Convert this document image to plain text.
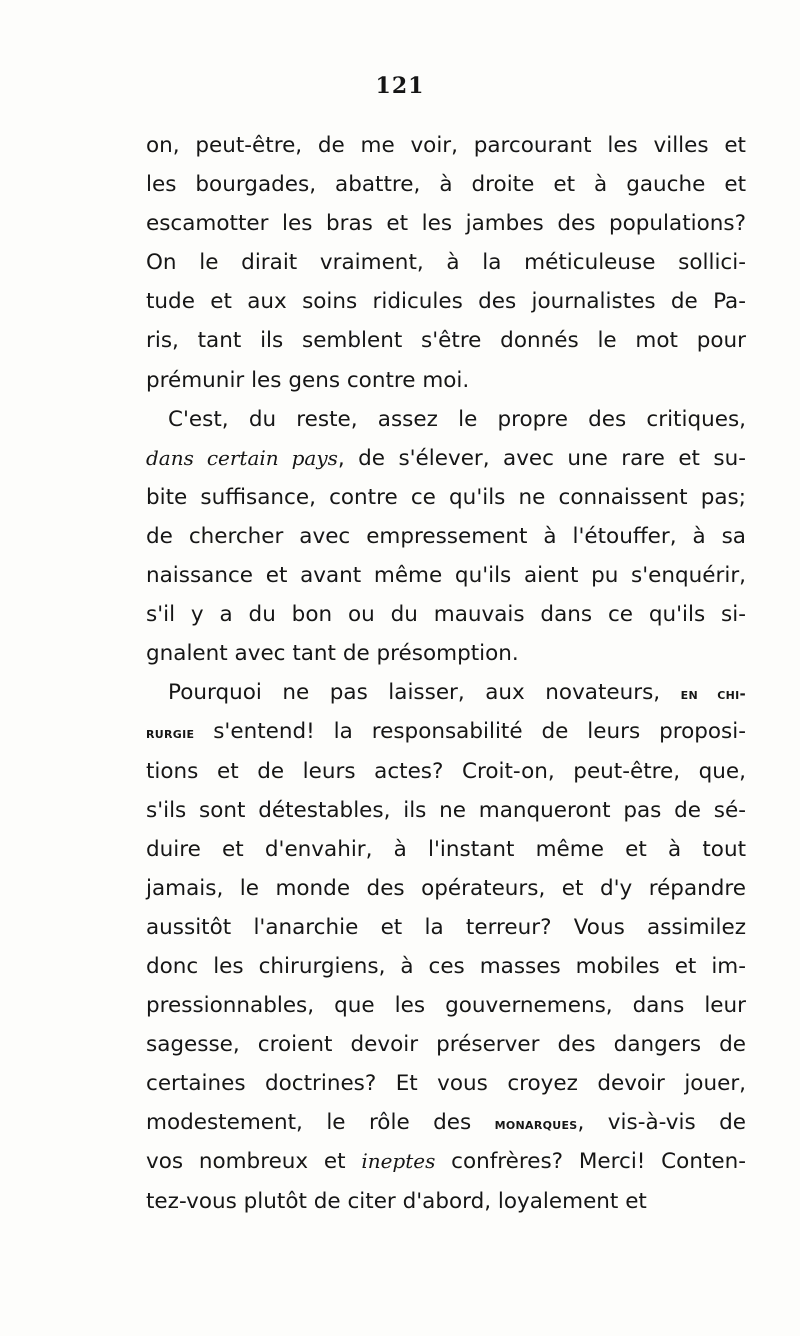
121
on, peut-être, de me voir, parcourant les villes et
les bourgades, abattre, à droite et à gauche et
escamotter les bras et les jambes des populations?
On le dirait vraiment, à la méticuleuse sollici-
tude et aux soins ridicules des journalistes de Pa-
ris, tant ils semblent s'être donnés le mot pour
prémunir les gens contre moi.
C'est, du reste, assez le propre des critiques,
dans certain pays, de s'élever, avec une rare et su-
bite suffisance, contre ce qu'ils ne connaissent pas;
de chercher avec empressement à l'étouffer, à sa
naissance et avant même qu'ils aient pu s'enquérir,
s'il y a du bon ou du mauvais dans ce qu'ils si-
gnalent avec tant de présomption.
Pourquoi ne pas laisser, aux novateurs, en chi-
rurgie s'entend! la responsabilité de leurs proposi-
tions et de leurs actes? Croit-on, peut-être, que,
s'ils sont détestables, ils ne manqueront pas de sé-
duire et d'envahir, à l'instant même et à tout
jamais, le monde des opérateurs, et d'y répandre
aussitôt l'anarchie et la terreur? Vous assimilez
donc les chirurgiens, à ces masses mobiles et im-
pressionnables, que les gouvernemens, dans leur
sagesse, croient devoir préserver des dangers de
certaines doctrines? Et vous croyez devoir jouer,
modestement, le rôle des monarques, vis-à-vis de
vos nombreux et ineptes confrères? Merci! Conten-
tez-vous plutôt de citer d'abord, loyalement et
